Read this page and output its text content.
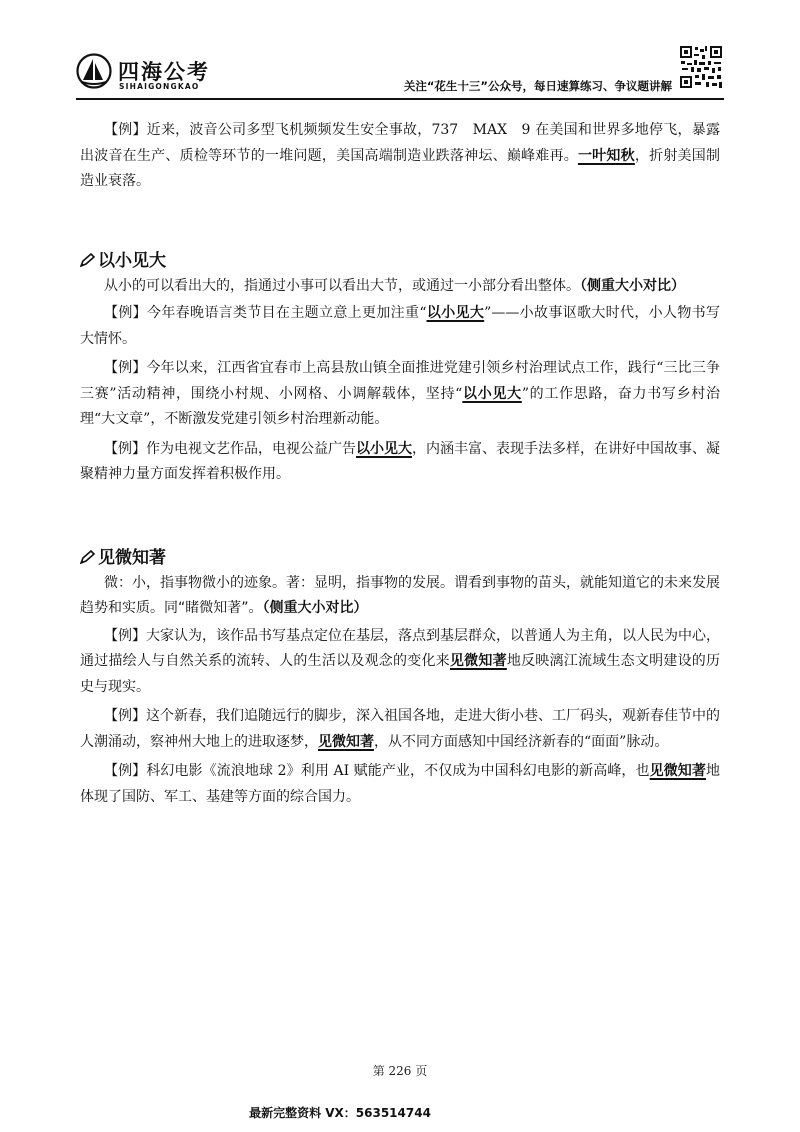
四海公考
SIHAIGONGKAO	关注“花生十三”公众号，每日速算练习、争议题讲解

【例】近来，波音公司多型飞机频频发生安全事故，737　MAX　9 在美国和世界多地停飞，暴露出波音在生产、质检等环节的一堆问题，美国高端制造业跌落神坛、巅峰难再。一叶知秋，折射美国制造业衰落。

以小见大

从小的可以看出大的，指通过小事可以看出大节，或通过一小部分看出整体。（侧重大小对比）

【例】今年春晚语言类节目在主题立意上更加注重“以小见大”——小故事讴歌大时代，小人物书写大情怀。

【例】今年以来，江西省宜春市上高县敖山镇全面推进党建引领乡村治理试点工作，践行“三比三争三赛”活动精神，围绕小村规、小网格、小调解载体，坚持“以小见大”的工作思路，奋力书写乡村治理“大文章”，不断激发党建引领乡村治理新动能。

【例】作为电视文艺作品，电视公益广告以小见大，内涵丰富、表现手法多样，在讲好中国故事、凝聚精神力量方面发挥着积极作用。

见微知著

微：小，指事物微小的迹象。著：显明，指事物的发展。谓看到事物的苗头，就能知道它的未来发展趋势和实质。同“睹微知著”。（侧重大小对比）

【例】大家认为，该作品书写基点定位在基层，落点到基层群众，以普通人为主角，以人民为中心，通过描绘人与自然关系的流转、人的生活以及观念的变化来见微知著地反映漓江流域生态文明建设的历史与现实。

【例】这个新春，我们追随远行的脚步，深入祖国各地，走进大街小巷、工厂码头，观新春佳节中的人潮涌动，察神州大地上的进取逐梦，见微知著，从不同方面感知中国经济新春的“面面”脉动。

【例】科幻电影《流浪地球 2》利用 AI 赋能产业，不仅成为中国科幻电影的新高峰，也见微知著地体现了国防、军工、基建等方面的综合国力。

第 226 页
最新完整资料 VX：563514744
